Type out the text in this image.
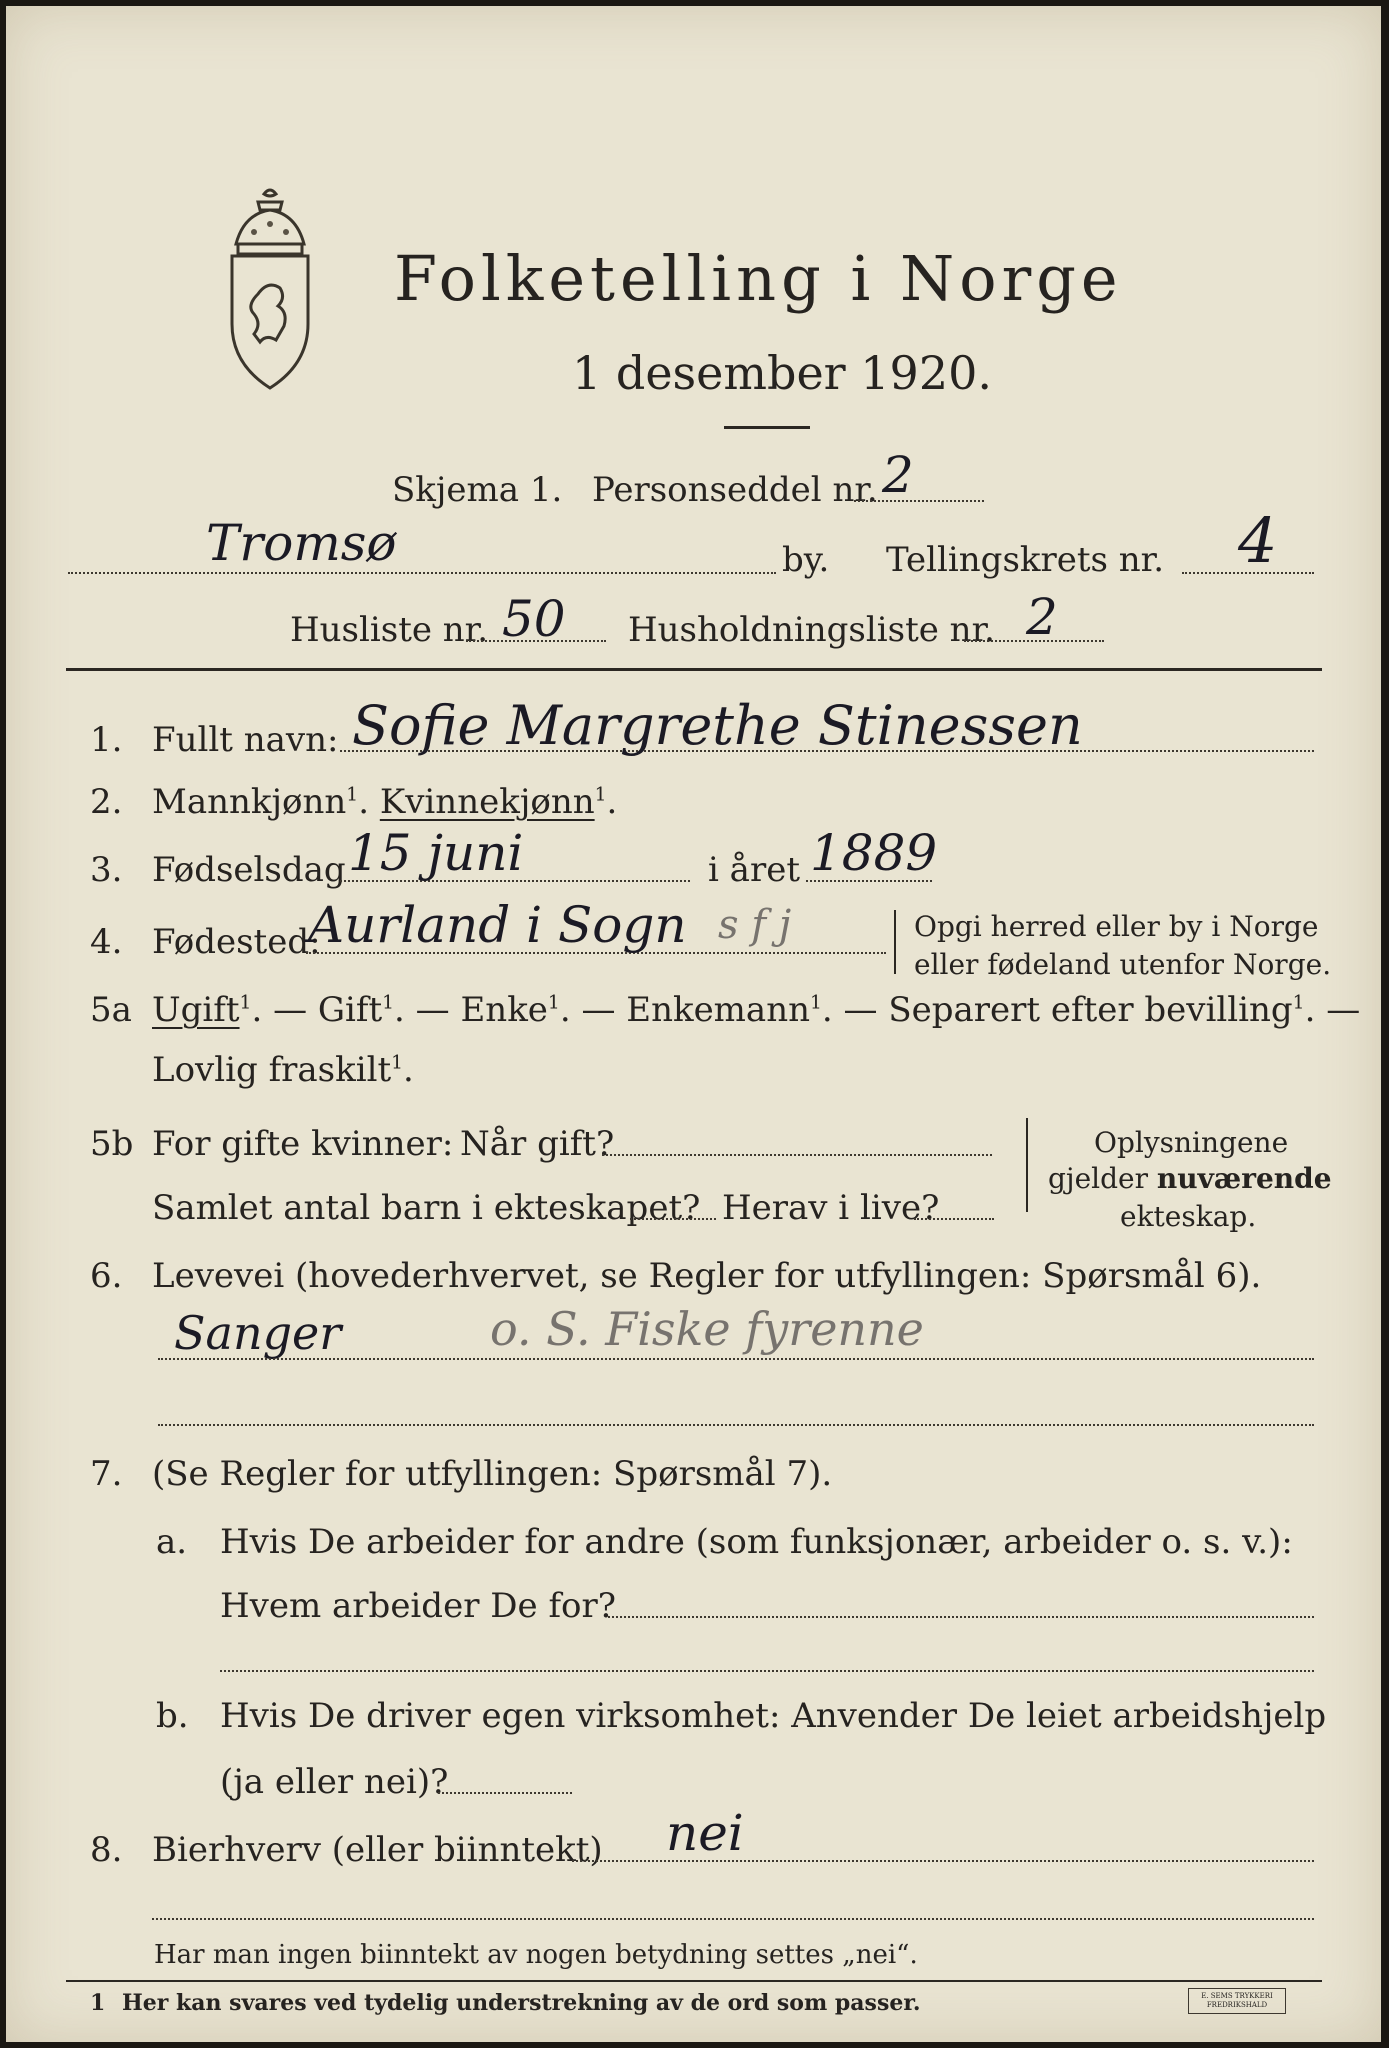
Folketelling i Norge
1 desember 1920.
Skjema 1. Personseddel nr. 2
Tromsø	by. Tellingskrets nr. 4
Husliste nr. 50 Husholdningsliste nr. 2
1. Fullt navn: Sofie Margrethe Stinessen
2. Mannkjønn$^1$. Kvinnekjønn$^1$.
3. Fødselsdag 15 juni	i året 1889
4. Fødested:
Aurland i Sogn s f j	Opgi herred eller by i Norge
eller fødeland utenfor Norge.
5a Ugift$^1$. — Gift$^1$. — Enke$^1$. — Enkemann$^1$. — Separert efter bevilling$^1$. —
Lovlig fraskilt$^1$.
5b For gifte kvinner: Når gift?
Samlet antal barn i ekteskapet? Herav i live?
Oplysningene
gjelder nuværende
ekteskap.
6. Levevei (hovederhvervet, se Regler for utfyllingen: Spørsmål 6).
Sanger	o. S. Fiske fyrenne
7. (Se Regler for utfyllingen: Spørsmål 7).
a. Hvis De arbeider for andre (som funksjonær, arbeider o. s. v.):
Hvem arbeider De for?
b. Hvis De driver egen virksomhet: Anvender De leiet arbeidshjelp
(ja eller nei)?
8. Bierhverv (eller biinntekt) nei
Har man ingen biinntekt av nogen betydning settes „nei“.
1 Her kan svares ved tydelig understrekning av de ord som passer.	E. SEMS TRYKKERI FREDRIKSHALD
